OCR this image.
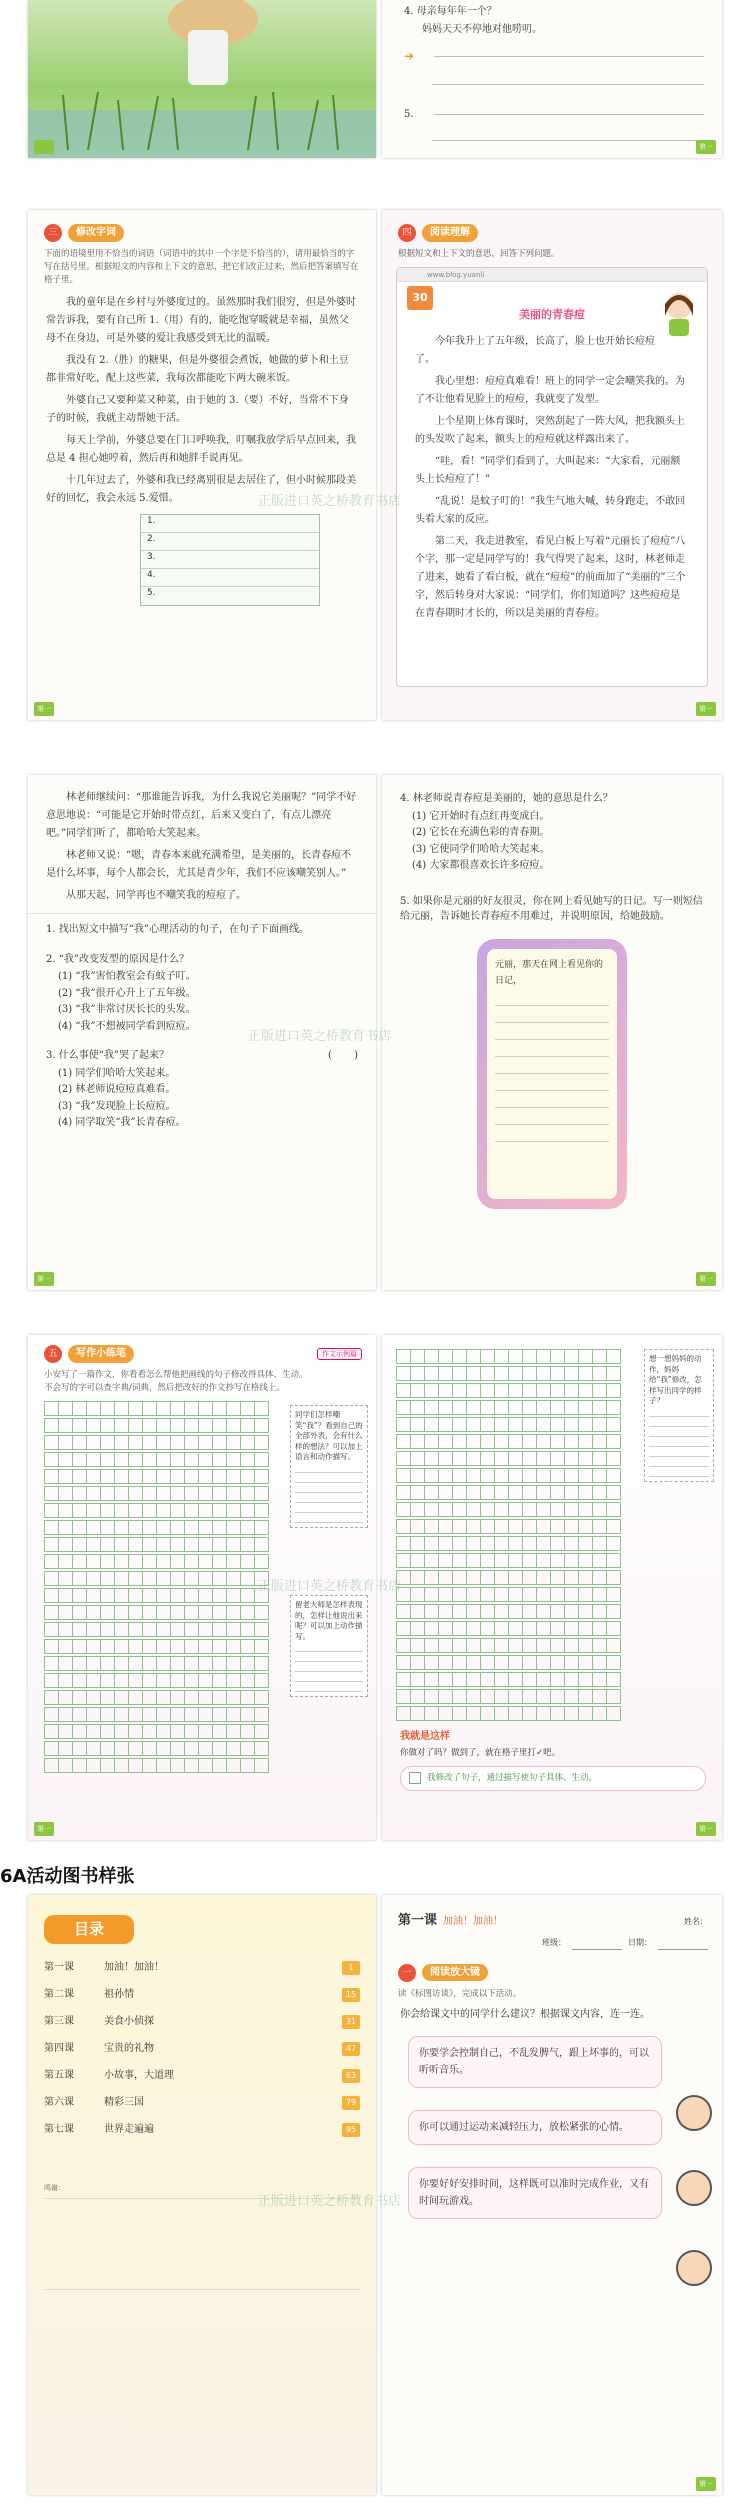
4. 母亲每年年一个？
妈妈天天不停地对他唠叨。
➜
5.
第一页
三	修改字词
下面的语境里用不恰当的词语（词语中的其中一个字是不恰当的），请用最恰当的字写在括号里。根据短文的内容和上下文的意思，把它们改正过来，然后把答案填写在格子里。

我的童年是在乡村与外婆度过的。虽然那时我们很穷，但是外婆时常告诉我，要有自己所 1.（用）有的，能吃饱穿暖就是幸福，虽然父母不在身边，可是外婆的爱让我感受到无比的温暖。

我没有 2.（胜）的糖果，但是外婆很会煮饭，她做的萝卜和土豆都非常好吃，配上这些菜，我每次都能吃下两大碗米饭。

外婆自己又要种菜又种菜，由于她的 3.（要）不好，当常不下身子的时候，我就主动帮她干活。

每天上学前，外婆总要在门口呼唤我，叮嘱我放学后早点回来，我总是 4 担心她哼着，然后再和她胖手说再见。

十几年过去了，外婆和我已经离别很是去居住了，但小时候那段美好的回忆，我会永远 5.爱惜。

1.
2.
3.
4.
5.
第一页
四	阅读理解
根据短文和上下文的意思，回答下列问题。
www.blog.yuanli
30
美丽的青春痘

今年我升上了五年级，长高了，脸上也开始长痘痘了。

我心里想：痘痘真难看！班上的同学一定会嘲笑我的。为了不让他看见脸上的痘痘，我就变了发型。

上个星期上体育课时，突然刮起了一阵大风，把我额头上的头发吹了起来，额头上的痘痘就这样露出来了。

“哇，看！”同学们看到了，大叫起来：“大家看，元丽额头上长痘痘了！”

“乱说！是蚊子叮的！”我生气地大喊，转身跑走，不敢回头看大家的反应。

第二天，我走进教室，看见白板上写着“元丽长了痘痘”八个字，那一定是同学写的！我气得哭了起来，这时，林老师走了进来，她看了看白板，就在“痘痘”的前面加了“美丽的”三个字，然后转身对大家说：“同学们，你们知道吗？这些痘痘是在青春期时才长的，所以是美丽的青春痘。

第一页
正版进口英之桥教育书店

林老师继续问：“那谁能告诉我，为什么我说它美丽呢？”同学不好意思地说：“可能是它开始时带点红，后来又变白了，有点儿漂亮吧。”同学们听了，都哈哈大笑起来。

林老师又说：“嗯，青春本来就充满希望，是美丽的，长青春痘不是什么坏事，每个人都会长，尤其是青少年，我们不应该嘲笑别人。”

从那天起，同学再也不嘲笑我的痘痘了。

1. 找出短文中描写“我”心理活动的句子，在句子下面画线。
2. “我”改变发型的原因是什么？
(1) “我”害怕教室会有蚊子叮。
(2) “我”很开心升上了五年级。
(3) “我”非常讨厌长长的头发。
(4) “我”不想被同学看到痘痘。
3. 什么事使“我”哭了起来？	(       )
(1) 同学们哈哈大笑起来。
(2) 林老师说痘痘真难看。
(3) “我”发现脸上长痘痘。
(4) 同学取笑“我”长青春痘。
第一页
4. 林老师说青春痘是美丽的，她的意思是什么？
(1) 它开始时有点红再变成白。
(2) 它长在充满色彩的青春期。
(3) 它使同学们哈哈大笑起来。
(4) 大家都很喜欢长许多痘痘。
5. 如果你是元丽的好友很灵，你在网上看见她写的日记。写一则短信给元丽，告诉她长青春痘不用难过，并说明原因，给她鼓励。
元丽，那天在网上看见你的日记，
第一页
正版进口英之桥教育书店
五	写作小练笔	作文示例篇
小安写了一篇作文，你看看怎么帮他把画线的句子修改得具体、生动。
不会写的字可以查字典/词典，然后把改好的作文抄写在格线上。
同学们怎样嘲笑“我”？看到自己的全部外表，会有什么样的想法？可以加上语言和动作描写。
留老大师是怎样表现的，怎样让他说出来呢？可以加上动作描写。
第一页
想一想妈妈的动作，妈妈给“我”修改，怎样写出同学的样子？
我就是这样
你做对了吗？做到了，就在格子里打✓吧。
我修改了句子，通过描写使句子具体、生动。
第一页
正版进口英之桥教育书店
6A活动图书样张
目录
第一课	加油！加油！	1
第二课	祖孙情	15
第三课	美食小侦探	31
第四课	宝贵的礼物	47
第五课	小故事，大道理	63
第六课	精彩三国	79
第七课	世界走遍遍	95
鸣谢：
第一课 加油！加油！	姓名：
班级：	日期：
一	阅读放大镜
读《标图访谈》，完成以下活动。
你会给课文中的同学什么建议？根据课文内容，连一连。
你要学会控制自己，不乱发脾气，跟上坏事的，可以听听音乐。
你可以通过运动来减轻压力，放松紧张的心情。
你要好好安排时间，这样既可以准时完成作业，又有时间玩游戏。
第一页
正版进口英之桥教育书店
